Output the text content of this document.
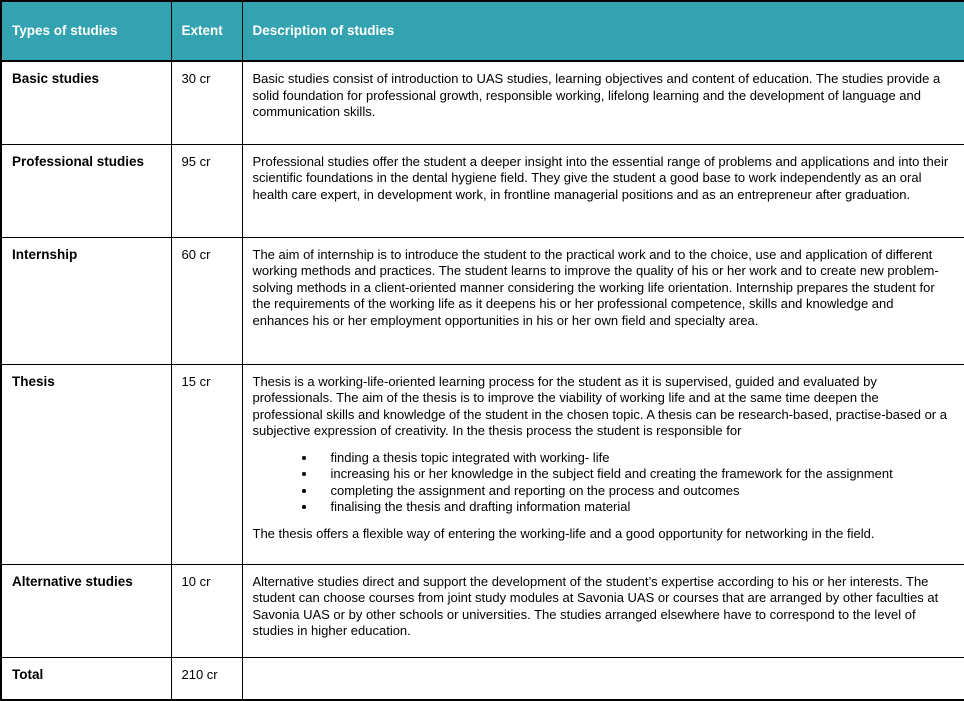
Types of studies	Extent	Description of studies
Basic studies	30 cr	Basic studies consist of introduction to UAS studies, learning objectives and content of education. The studies provide a solid foundation for professional growth, responsible working, lifelong learning and the development of language and communication skills.

Professional studies	95 cr	Professional studies offer the student a deeper insight into the essential range of problems and applications and into their scientific foundations in the dental hygiene field. They give the student a good base to work independently as an oral health care expert, in development work, in frontline managerial positions and as an entrepreneur after graduation.

Internship	60 cr	The aim of internship is to introduce the student to the practical work and to the choice, use and application of different working methods and practices. The student learns to improve the quality of his or her work and to create new problem-solving methods in a client-oriented manner considering the working life orientation. Internship prepares the student for the requirements of the working life as it deepens his or her professional competence, skills and knowledge and enhances his or her employment opportunities in his or her own field and specialty area.

Thesis	15 cr	Thesis is a working-life-oriented learning process for the student as it is supervised, guided and evaluated by professionals. The aim of the thesis is to improve the viability of working life and at the same time deepen the professional skills and knowledge of the student in the chosen topic. A thesis can be research-based, practise-based or a subjective expression of creativity. In the thesis process the student is responsible for

• finding a thesis topic integrated with working- life
• increasing his or her knowledge in the subject field and creating the framework for the assignment
• completing the assignment and reporting on the process and outcomes
• finalising the thesis and drafting information material

The thesis offers a flexible way of entering the working-life and a good opportunity for networking in the field.

Alternative studies	10 cr	Alternative studies direct and support the development of the student’s expertise according to his or her interests. The student can choose courses from joint study modules at Savonia UAS or courses that are arranged by other faculties at Savonia UAS or by other schools or universities. The studies arranged elsewhere have to correspond to the level of studies in higher education.

Total	210 cr	
